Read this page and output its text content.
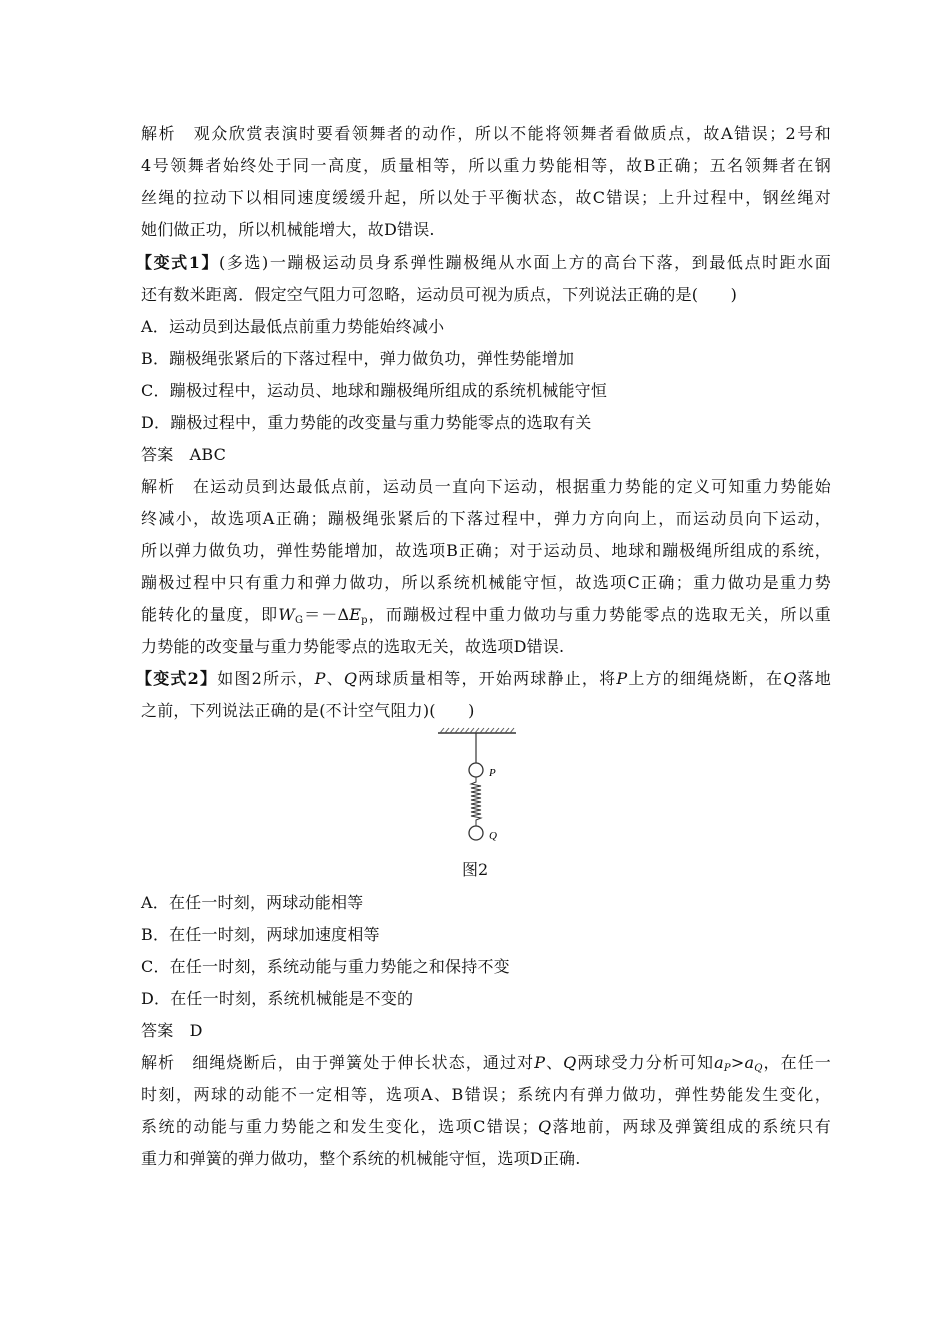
解析　观众欣赏表演时要看领舞者的动作，所以不能将领舞者看做质点，故A错误；2号和
4号领舞者始终处于同一高度，质量相等，所以重力势能相等，故B正确；五名领舞者在钢
丝绳的拉动下以相同速度缓缓升起，所以处于平衡状态，故C错误；上升过程中，钢丝绳对
她们做正功，所以机械能增大，故D错误.
【变式1】(多选)一蹦极运动员身系弹性蹦极绳从水面上方的高台下落，到最低点时距水面
还有数米距离．假定空气阻力可忽略，运动员可视为质点，下列说法正确的是(　　)
A．运动员到达最低点前重力势能始终减小
B．蹦极绳张紧后的下落过程中，弹力做负功，弹性势能增加
C．蹦极过程中，运动员、地球和蹦极绳所组成的系统机械能守恒
D．蹦极过程中，重力势能的改变量与重力势能零点的选取有关
答案　ABC
解析　在运动员到达最低点前，运动员一直向下运动，根据重力势能的定义可知重力势能始
终减小，故选项A正确；蹦极绳张紧后的下落过程中，弹力方向向上，而运动员向下运动，
所以弹力做负功，弹性势能增加，故选项B正确；对于运动员、地球和蹦极绳所组成的系统，
蹦极过程中只有重力和弹力做功，所以系统机械能守恒，故选项C正确；重力做功是重力势
能转化的量度，即$W_G=-\Delta E_p$，而蹦极过程中重力做功与重力势能零点的选取无关，所以重
力势能的改变量与重力势能零点的选取无关，故选项D错误.
【变式2】如图2所示，P、Q两球质量相等，开始两球静止，将P上方的细绳烧断，在Q落地
之前，下列说法正确的是(不计空气阻力)(　　)
P
Q
图2
A．在任一时刻，两球动能相等
B．在任一时刻，两球加速度相等
C．在任一时刻，系统动能与重力势能之和保持不变
D．在任一时刻，系统机械能是不变的
答案　D
解析　细绳烧断后，由于弹簧处于伸长状态，通过对P、Q两球受力分析可知$a_P>a_Q$，在任一
时刻，两球的动能不一定相等，选项A、B错误；系统内有弹力做功，弹性势能发生变化，
系统的动能与重力势能之和发生变化，选项C错误；Q落地前，两球及弹簧组成的系统只有
重力和弹簧的弹力做功，整个系统的机械能守恒，选项D正确.
